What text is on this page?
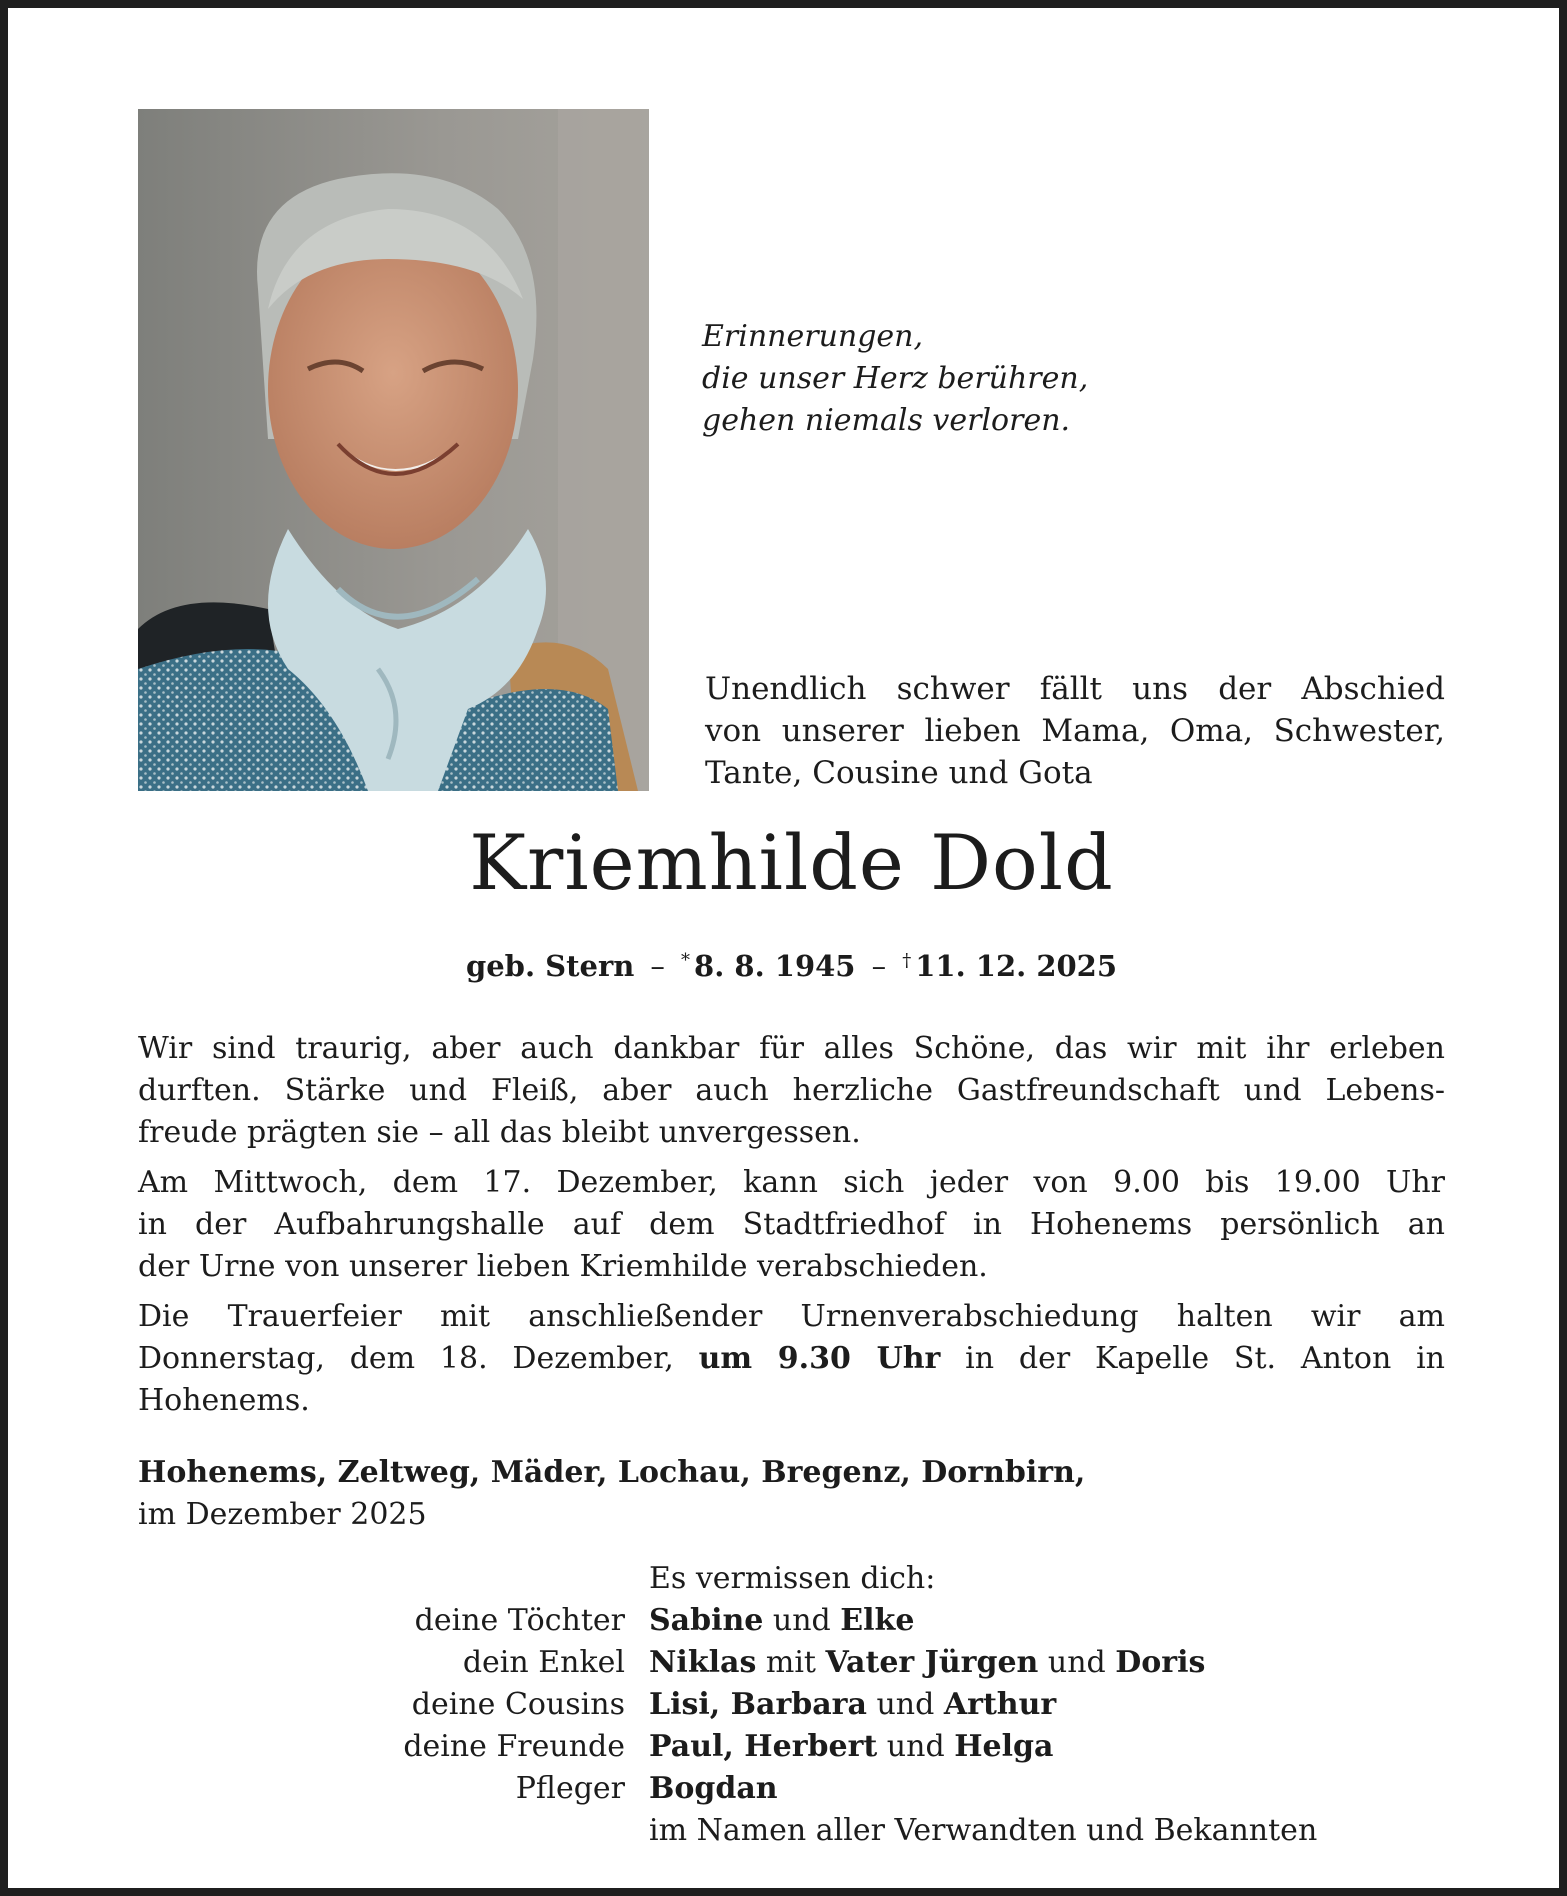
Erinnerungen,
die unser Herz berühren,
gehen niemals verloren.
Unendlich schwer fällt uns der Abschied
von unserer lieben Mama, Oma, Schwester,
Tante, Cousine und Gota
Kriemhilde Dold
geb. Stern – * 8. 8. 1945 – † 11. 12. 2025

Wir sind traurig, aber auch dankbar für alles Schöne, das wir mit ihr erleben
durften. Stärke und Fleiß, aber auch herzliche Gastfreundschaft und Lebens-
freude prägten sie – all das bleibt unvergessen.

Am Mittwoch, dem 17. Dezember, kann sich jeder von 9.00 bis 19.00 Uhr
in der Aufbahrungshalle auf dem Stadtfriedhof in Hohenems persönlich an
der Urne von unserer lieben Kriemhilde verabschieden.

Die Trauerfeier mit anschließender Urnenverabschiedung halten wir am
Donnerstag, dem 18. Dezember, um 9.30 Uhr in der Kapelle St. Anton in
Hohenems.

Hohenems, Zeltweg, Mäder, Lochau, Bregenz, Dornbirn,
im Dezember 2025
Es vermissen dich:
deine Töchter Sabine und Elke
dein Enkel Niklas mit Vater Jürgen und Doris
deine Cousins Lisi, Barbara und Arthur
deine Freunde Paul, Herbert und Helga
Pfleger Bogdan
im Namen aller Verwandten und Bekannten
